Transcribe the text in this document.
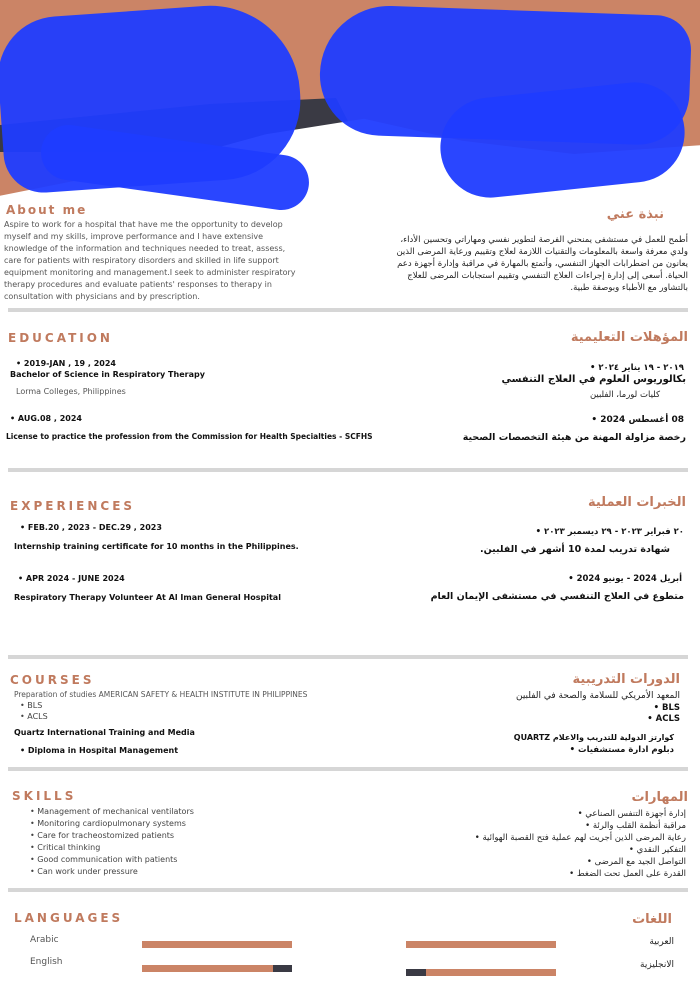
About me	نبذة عني
Aspire to work for a hospital that have me the opportunity to develop myself and my skills, improve performance and I have extensive knowledge of the information and techniques needed to treat, assess, care for patients with respiratory disorders and skilled in life support equipment monitoring and management.I seek to administer respiratory therapy procedures and evaluate patients' responses to therapy in consultation with physicians and by prescription.
أطمح للعمل في مستشفى يمنحني الفرصة لتطوير نفسي ومهاراتي وتحسين الأداء، ولدي معرفة واسعة بالمعلومات والتقنيات اللازمة لعلاج وتقييم ورعاية المرضى الذين يعانون من اضطرابات الجهاز التنفسي، وأتمتع بالمهارة في مراقبة وإدارة أجهزة دعم الحياة. أسعى إلى إدارة إجراءات العلاج التنفسي وتقييم استجابات المرضى للعلاج بالتشاور مع الأطباء وبوصفة طبية.
EDUCATION	المؤهلات التعليمية
• 2019-JAN , 19 , 2024
Bachelor of Science in Respiratory Therapy
Lorma Colleges, Philippines
٢٠١٩ - ١٩ يناير ٢٠٢٤ •
بكالوريوس العلوم في العلاج التنفسي
كليات لورما، الفلبين
• AUG.08 , 2024
License to practice the profession from the Commission for Health Specialties - SCFHS
08 أغسطس 2024 •
رخصة مزاولة المهنة من هيئة التخصصات الصحية
EXPERIENCES	الخبرات العملية
• FEB.20 , 2023 - DEC.29 , 2023
Internship training certificate for 10 months in the Philippines.
٢٠ فبراير ٢٠٢٣ - ٢٩ ديسمبر ٢٠٢٣ •
شهادة تدريب لمدة 10 أشهر في الفلبين.
• APR 2024 - JUNE 2024
Respiratory Therapy Volunteer At Al Iman General Hospital
أبريل 2024 - يونيو 2024 •
متطوع في العلاج التنفسي في مستشفى الإيمان العام
COURSES	الدورات التدريبية
Preparation of studies AMERICAN SAFETY & HEALTH INSTITUTE IN PHILIPPINES
• BLS
• ACLS
Quartz International Training and Media
• Diploma in Hospital Management
المعهد الأمريكي للسلامة والصحة في الفلبين
BLS •
ACLS •
كوارتز الدولية للتدريب والاعلام QUARTZ
دبلوم ادارة مستشفيات •
SKILLS	المهارات
• Management of mechanical ventilators
• Monitoring cardiopulmonary systems
• Care for tracheostomized patients
• Critical thinking
• Good communication with patients
• Can work under pressure
إدارة أجهزة التنفس الصناعي •
مراقبة أنظمة القلب والرئة •
رعاية المرضى الذين أجريت لهم عملية فتح القصبة الهوائية •
التفكير النقدي •
التواصل الجيد مع المرضى •
القدرة على العمل تحت الضغط •
LANGUAGES	اللغات
Arabic
English
العربية
الانجليزية
